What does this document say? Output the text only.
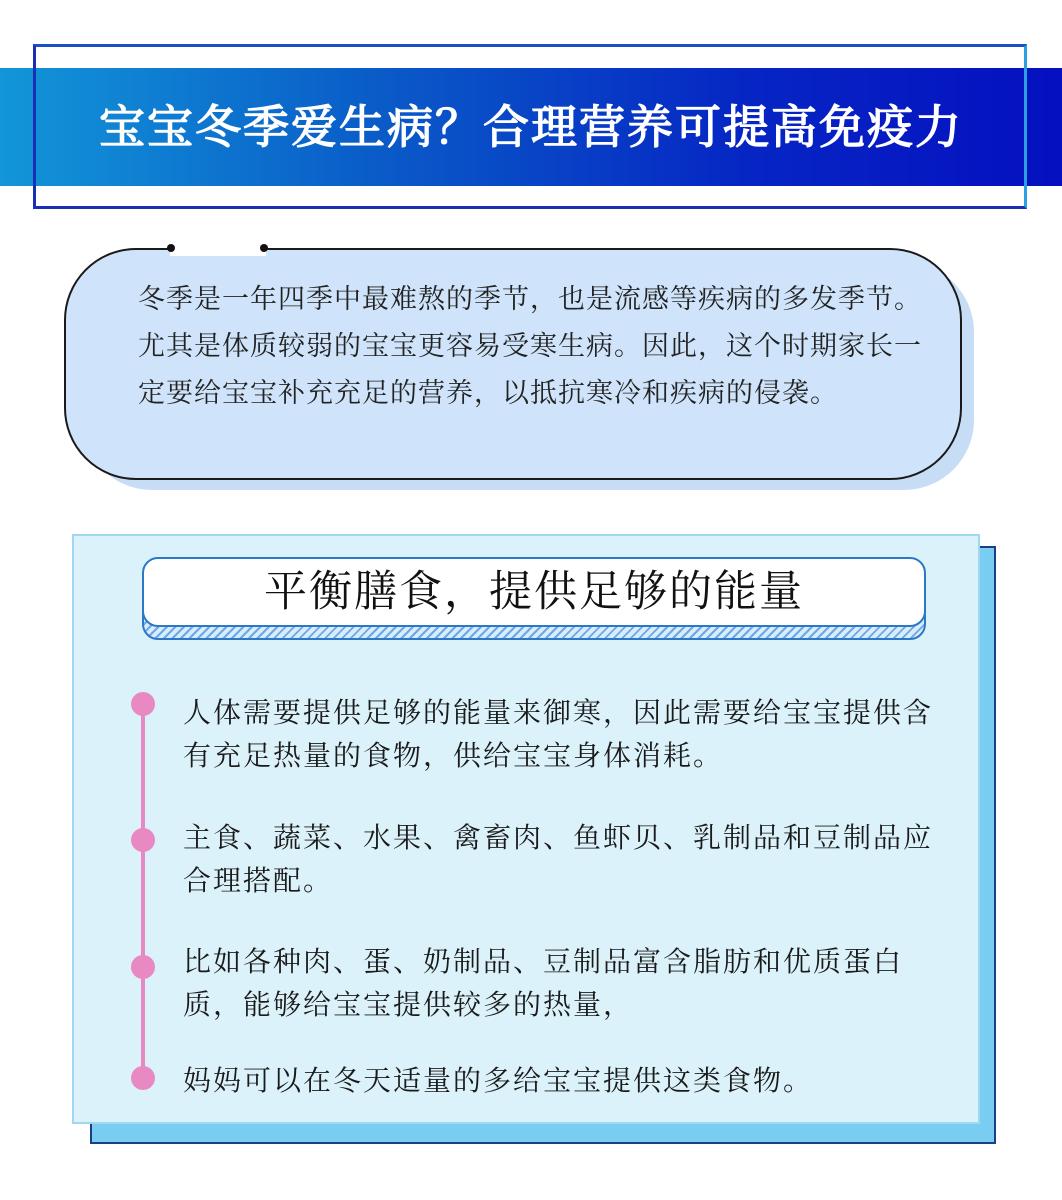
宝宝冬季爱生病？合理营养可提高免疫力

冬季是一年四季中最难熬的季节，也是流感等疾病的多发季节。尤其是体质较弱的宝宝更容易受寒生病。因此，这个时期家长一定要给宝宝补充充足的营养，以抵抗寒冷和疾病的侵袭。

平衡膳食，提供足够的能量

人体需要提供足够的能量来御寒，因此需要给宝宝提供含有充足热量的食物，供给宝宝身体消耗。

主食、蔬菜、水果、禽畜肉、鱼虾贝、乳制品和豆制品应合理搭配。

比如各种肉、蛋、奶制品、豆制品富含脂肪和优质蛋白质，能够给宝宝提供较多的热量，

妈妈可以在冬天适量的多给宝宝提供这类食物。
